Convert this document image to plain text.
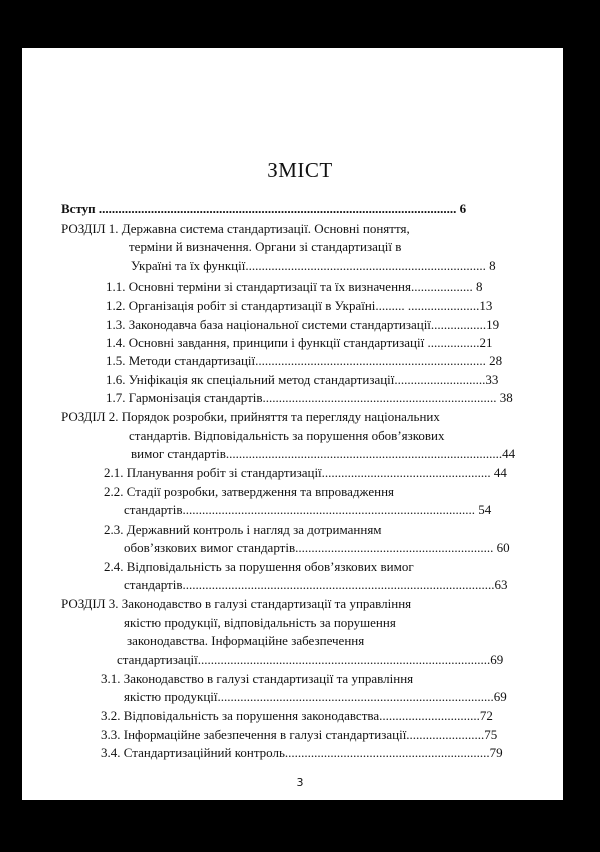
ЗМІСТ
Вступ .............................................................................................................. 6
РОЗДІЛ 1. Державна система стандартизації. Основні поняття,
терміни й визначення. Органи зі стандартизації в
Україні та їх функції.......................................................................... 8
1.1. Основні терміни зі стандартизації та їх визначення................... 8
1.2. Організація робіт зі стандартизації в Україні......... ......................13
1.3. Законодавча база національної системи стандартизації.................19
1.4. Основні завдання, принципи і функції стандартизації ................21
1.5. Методи стандартизації....................................................................... 28
1.6. Уніфікація як спеціальний метод стандартизації............................33
1.7. Гармонізація стандартів........................................................................ 38
РОЗДІЛ 2. Порядок розробки, прийняття та перегляду національних
стандартів. Відповідальність за порушення обов’язкових
вимог стандартів.....................................................................................44
2.1. Планування робіт зі стандартизації.................................................... 44
2.2. Стадії розробки, затвердження та впровадження
стандартів.......................................................................................... 54
2.3. Державний контроль і нагляд за дотриманням
обов’язкових вимог стандартів............................................................. 60
2.4. Відповідальність за порушення обов’язкових вимог
стандартів................................................................................................63
РОЗДІЛ 3. Законодавство в галузі стандартизації та управління
якістю продукції, відповідальність за порушення
законодавства. Інформаційне забезпечення
стандартизації..........................................................................................69
3.1. Законодавство в галузі стандартизації та управління
якістю продукції.....................................................................................69
3.2. Відповідальність за порушення законодавства...............................72
3.3. Інформаційне забезпечення в галузі стандартизації........................75
3.4. Стандартизаційний контроль...............................................................79
3
